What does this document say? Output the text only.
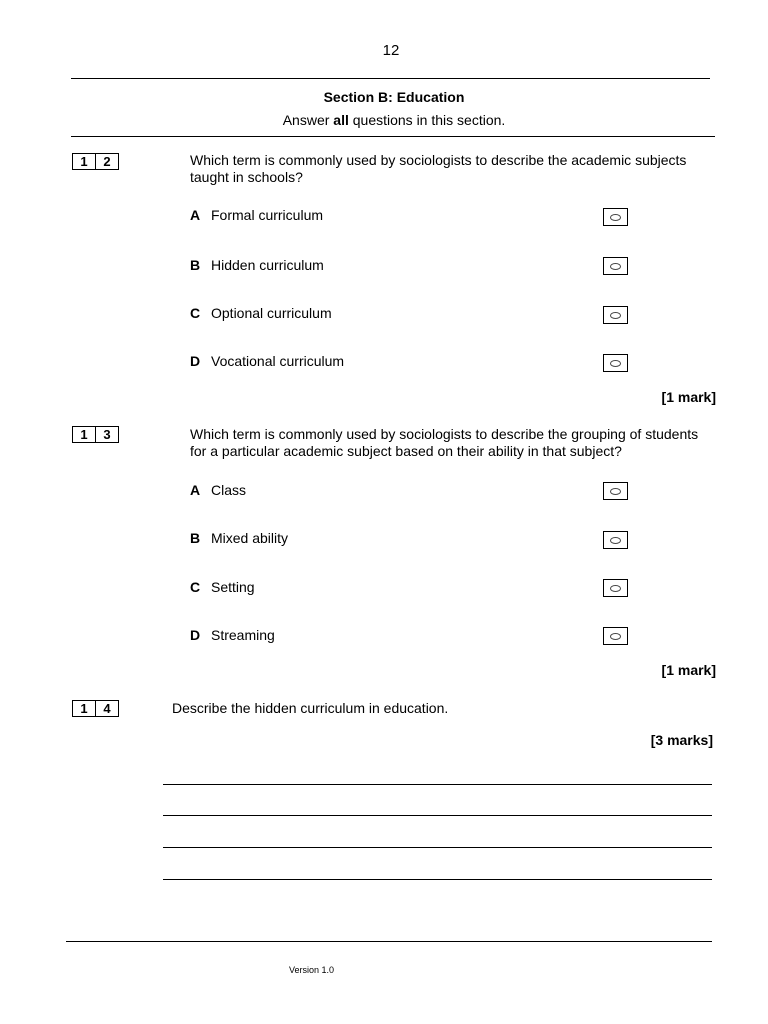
12
Section B: Education
Answer all questions in this section.
1	2	Which term is commonly used by sociologists to describe the academic subjects
taught in schools?
A Formal curriculum
B Hidden curriculum
C Optional curriculum
D Vocational curriculum
[1 mark]
1	3	Which term is commonly used by sociologists to describe the grouping of students
for a particular academic subject based on their ability in that subject?
A Class
B Mixed ability
C Setting
D Streaming
[1 mark]
1	4	Describe the hidden curriculum in education.
[3 marks]
Version 1.0
